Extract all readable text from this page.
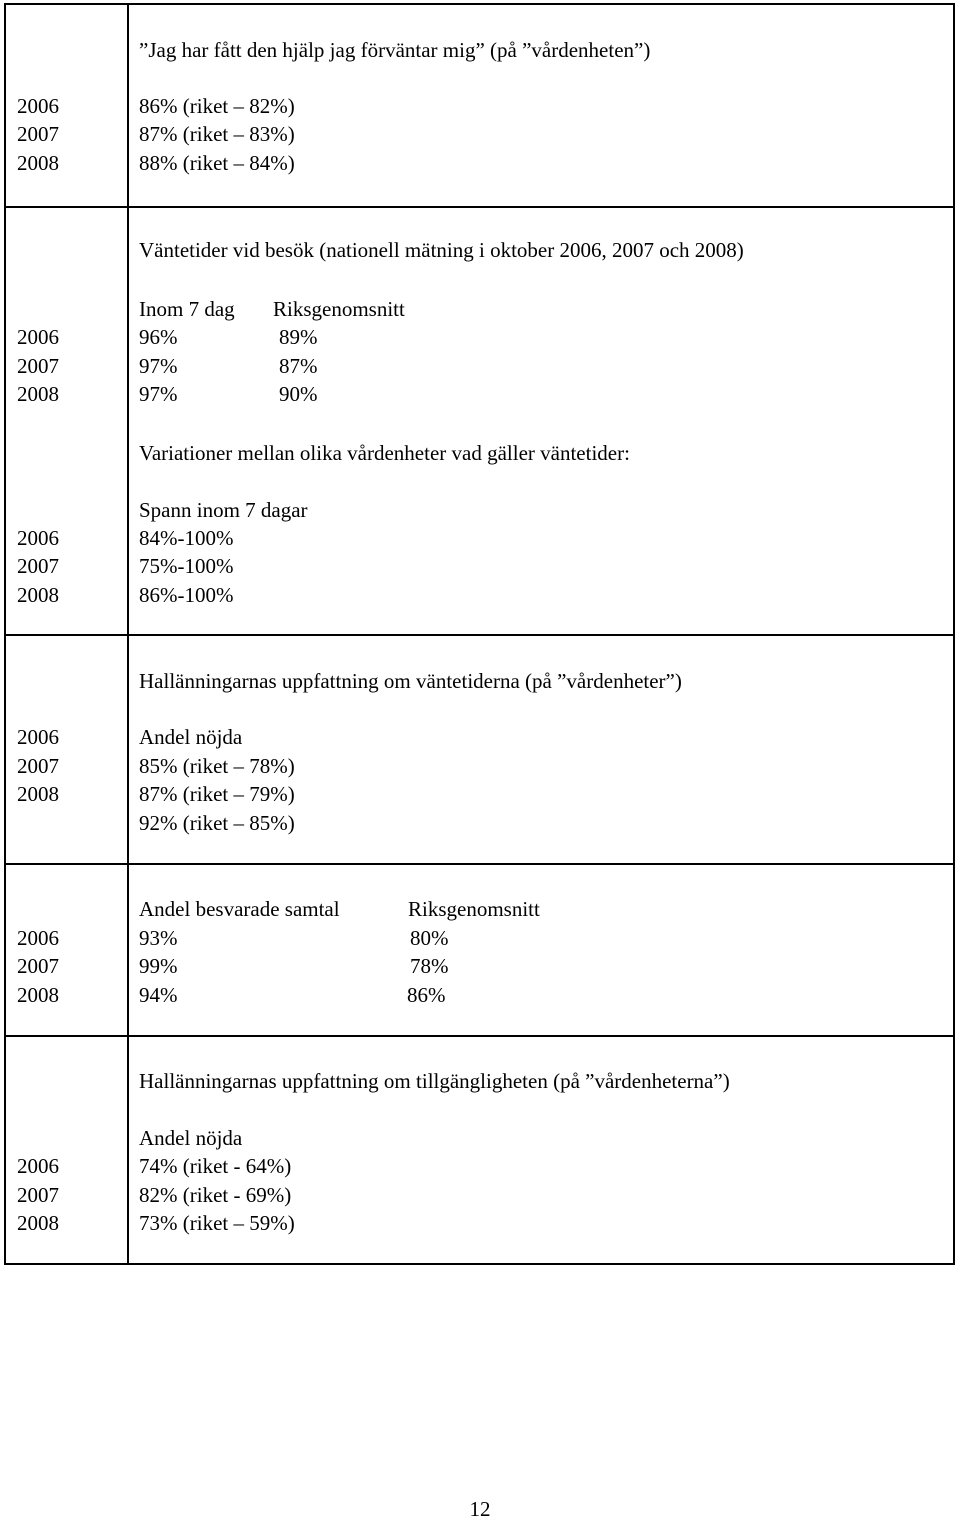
2006
2007
2008
”Jag har fått den hjälp jag förväntar mig” (på ”vårdenheten”)
86% (riket – 82%)
87% (riket – 83%)
88% (riket – 84%)
Väntetider vid besök (nationell mätning i oktober 2006, 2007 och 2008)
2006
2007
2008
Inom 7 dag
96%
97%
97%
Riksgenomsnitt
89%
87%
90%
Variationer mellan olika vårdenheter vad gäller väntetider:
2006
2007
2008
Spann inom 7 dagar
84%-100%
75%-100%
86%-100%
Hallänningarnas uppfattning om väntetiderna (på ”vårdenheter”)
2006
2007
2008
Andel nöjda
85% (riket – 78%)
87% (riket – 79%)
92% (riket – 85%)
2006
2007
2008
Andel besvarade samtal
93%
99%
94%
Riksgenomsnitt
80%
78%
86%
Hallänningarnas uppfattning om tillgängligheten (på ”vårdenheterna”)
2006
2007
2008
Andel nöjda
74% (riket - 64%)
82% (riket - 69%)
73% (riket – 59%)
12
